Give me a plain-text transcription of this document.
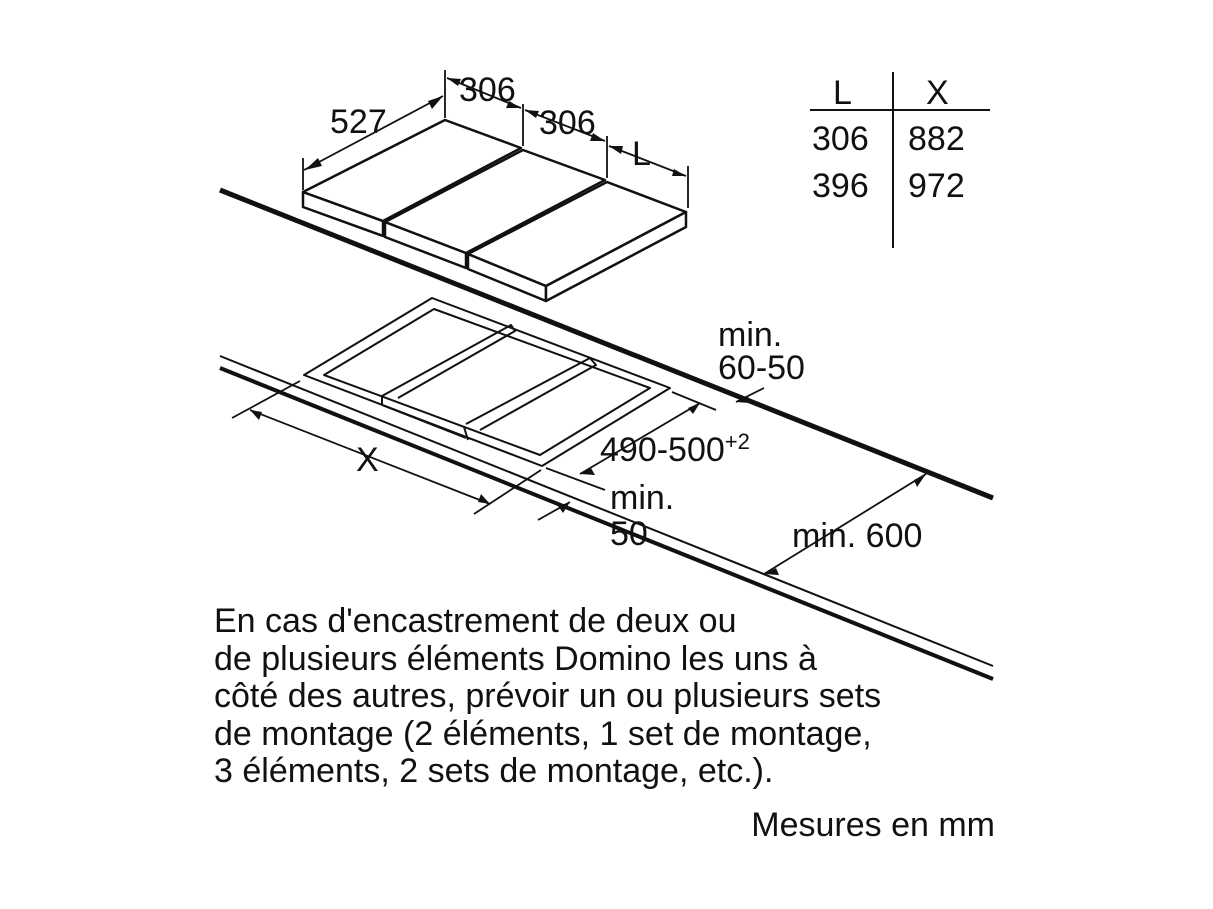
527
306
306
L
min.
60-50
$490-500^{+2}$
X
min.
50	min. 600
L X
306 882
396 972
En cas d'encastrement de deux ou
de plusieurs éléments Domino les uns à
côté des autres, prévoir un ou plusieurs sets
de montage (2 éléments, 1 set de montage,
3 éléments, 2 sets de montage, etc.).
Mesures en mm
